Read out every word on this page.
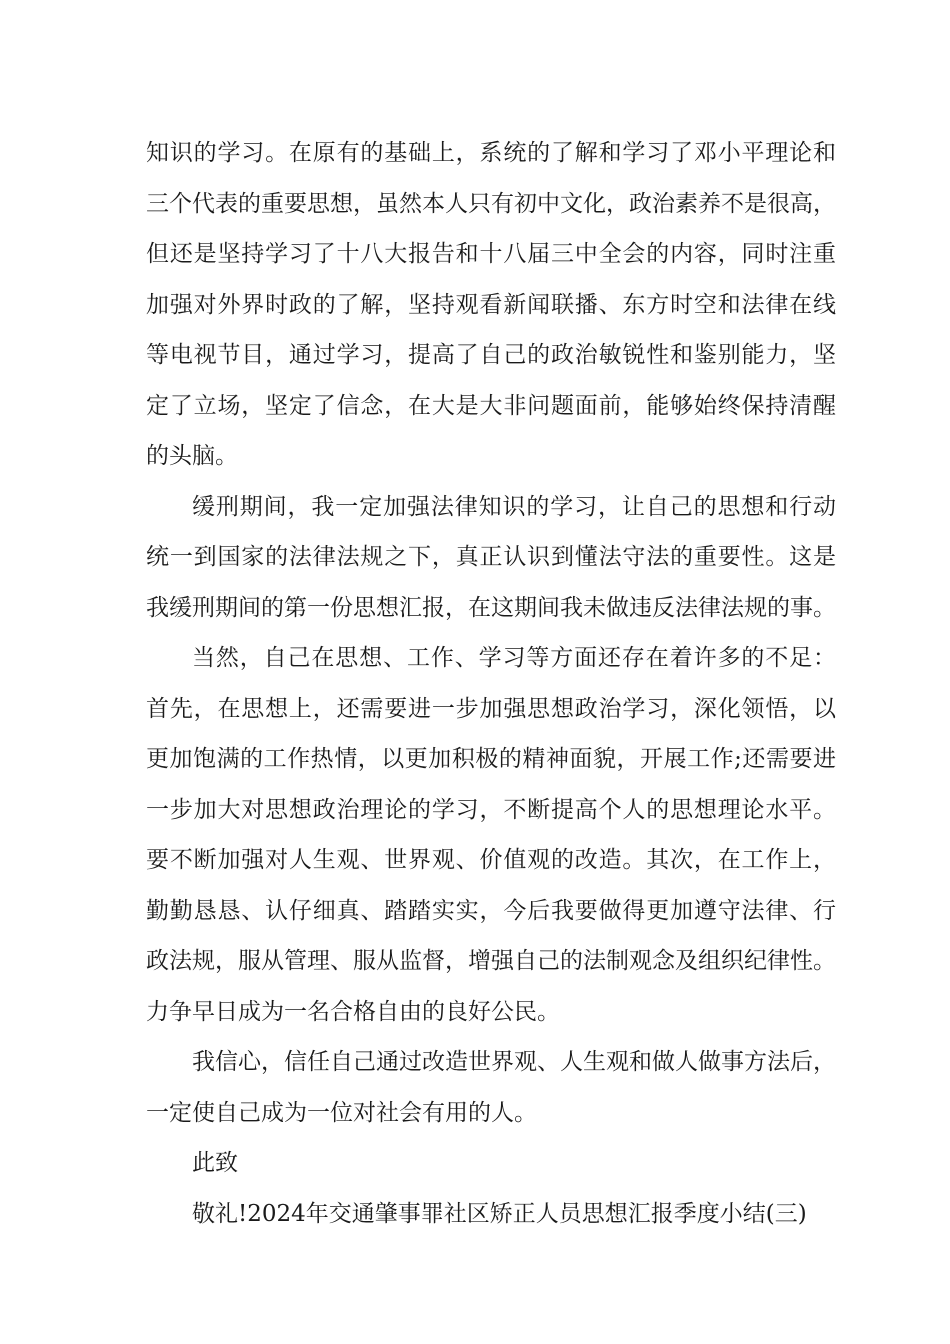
知识的学习。在原有的基础上，系统的了解和学习了邓小平理论和
三个代表的重要思想，虽然本人只有初中文化，政治素养不是很高，
但还是坚持学习了十八大报告和十八届三中全会的内容，同时注重
加强对外界时政的了解，坚持观看新闻联播、东方时空和法律在线
等电视节目，通过学习，提高了自己的政治敏锐性和鉴别能力，坚
定了立场，坚定了信念，在大是大非问题面前，能够始终保持清醒
的头脑。
缓刑期间，我一定加强法律知识的学习，让自己的思想和行动
统一到国家的法律法规之下，真正认识到懂法守法的重要性。这是
我缓刑期间的第一份思想汇报，在这期间我未做违反法律法规的事。
当然，自己在思想、工作、学习等方面还存在着许多的不足：
首先，在思想上，还需要进一步加强思想政治学习，深化领悟，以
更加饱满的工作热情，以更加积极的精神面貌，开展工作;还需要进
一步加大对思想政治理论的学习，不断提高个人的思想理论水平。
要不断加强对人生观、世界观、价值观的改造。其次，在工作上，
勤勤恳恳、认仔细真、踏踏实实，今后我要做得更加遵守法律、行
政法规，服从管理、服从监督，增强自己的法制观念及组织纪律性。
力争早日成为一名合格自由的良好公民。
我信心，信任自己通过改造世界观、人生观和做人做事方法后，
一定使自己成为一位对社会有用的人。
此致
敬礼!2024年交通肇事罪社区矫正人员思想汇报季度小结(三)
